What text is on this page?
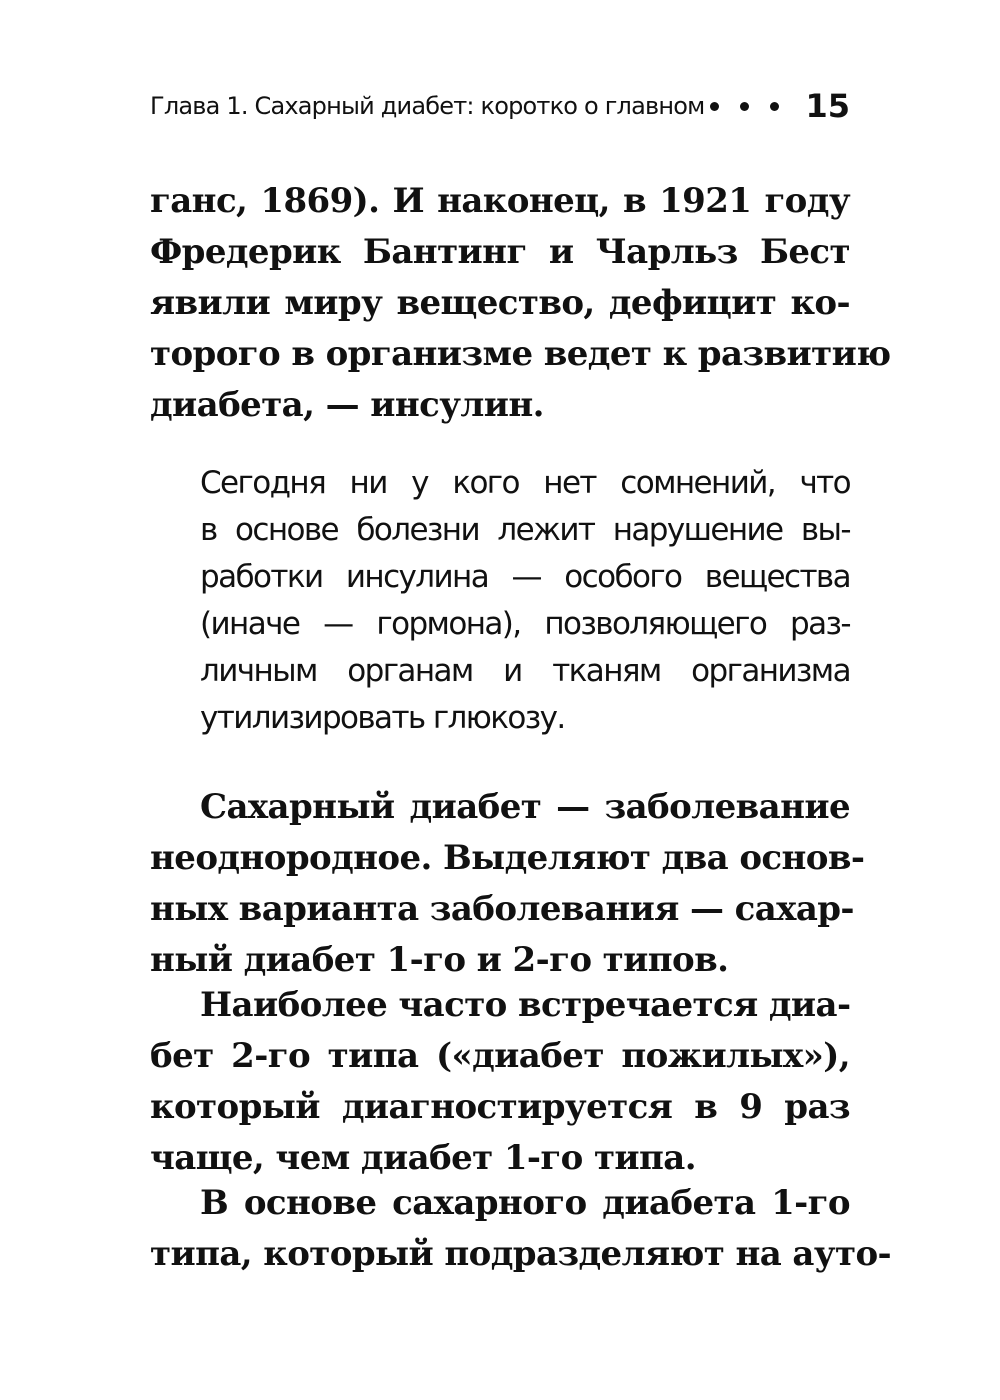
Глава 1. Сахарный диабет: коротко о главном	15

ганс, 1869). И наконец, в 1921 году
Фредерик Бантинг и Чарльз Бест
явили миру вещество, дефицит ко-
торого в организме ведет к развитию
диабета, — инсулин.

Сегодня ни у кого нет сомнений, что
в основе болезни лежит нарушение вы-
работки инсулина — особого вещества
(иначе — гормона), позволяющего раз-
личным органам и тканям организма
утилизировать глюкозу.

Сахарный диабет — заболевание
неоднородное. Выделяют два основ-
ных варианта заболевания — сахар-
ный диабет 1-го и 2-го типов.

Наиболее часто встречается диа-
бет 2-го типа («диабет пожилых»),
который диагностируется в 9 раз
чаще, чем диабет 1-го типа.

В основе сахарного диабета 1-го
типа, который подразделяют на ауто-
